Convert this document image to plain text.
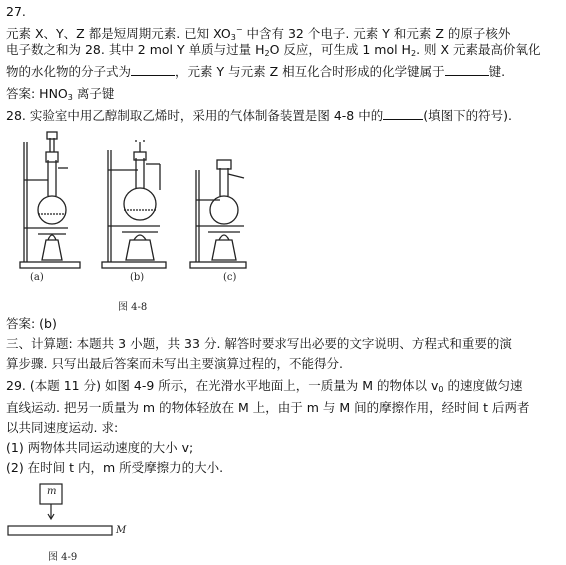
27.
元素 X、Y、Z 都是短周期元素. 已知 $XO_3^-$ 中含有 32 个电子. 元素 Y 和元素 Z 的原子核外
电子数之和为 28. 其中 2 mol Y 单质与过量 $H_2O$ 反应，可生成 1 mol $H_2$. 则 X 元素最高价氧化
物的水化物的分子式为	，元素 Y 与元素 Z 相互化合时形成的化学键属于	键.
答案: $HNO_3$ 离子键
28. 实验室中用乙醇制取乙烯时，采用的气体制备装置是图 4-8 中的	(填图下的符号).
(a)	(b)	(c)
图 4-8
答案: (b)
三、计算题: 本题共 3 小题，共 33 分. 解答时要求写出必要的文字说明、方程式和重要的演
算步骤. 只写出最后答案而未写出主要演算过程的，不能得分.
29. (本题 11 分) 如图 4-9 所示，在光滑水平地面上，一质量为 M 的物体以 $v_0$ 的速度做匀速
直线运动. 把另一质量为 m 的物体轻放在 M 上，由于 m 与 M 间的摩擦作用，经时间 t 后两者
以共同速度运动. 求:
(1) 两物体共同运动速度的大小 v;
(2) 在时间 t 内，m 所受摩擦力的大小.
m
M
图 4-9
